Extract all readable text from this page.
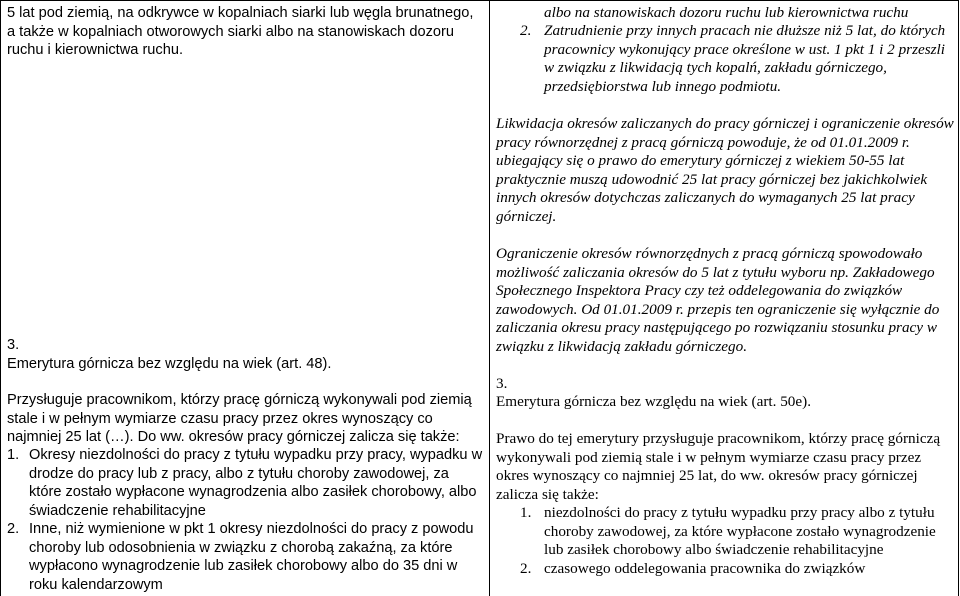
5 lat pod ziemią, na odkrywce w kopalniach siarki lub węgla brunatnego, a także w kopalniach otworowych siarki albo na stanowiskach dozoru ruchu i kierownictwa ruchu.

3.

Emerytura górnicza bez względu na wiek (art. 48).

Przysługuje pracownikom, którzy pracę górniczą wykonywali pod ziemią stale i w pełnym wymiarze czasu pracy przez okres wynoszący co najmniej 25 lat (…). Do ww. okresów pracy górniczej zalicza się także:

1. Okresy niezdolności do pracy z tytułu wypadku przy pracy, wypadku w drodze do pracy lub z pracy, albo z tytułu choroby zawodowej, za które zostało wypłacone wynagrodzenia albo zasiłek chorobowy, albo świadczenie rehabilitacyjne
2. Inne, niż wymienione w pkt 1 okresy niezdolności do pracy z powodu choroby lub odosobnienia w związku z chorobą zakaźną, za które wypłacono wynagrodzenie lub zasiłek chorobowy albo do 35 dni w roku kalendarzowym

albo na stanowiskach dozoru ruchu lub kierownictwa ruchu

2. Zatrudnienie przy innych pracach nie dłuższe niż 5 lat, do których pracownicy wykonujący prace określone w ust. 1 pkt 1 i 2 przeszli w związku z likwidacją tych kopalń, zakładu górniczego, przedsiębiorstwa lub innego podmiotu.

Likwidacja okresów zaliczanych do pracy górniczej i ograniczenie okresów pracy równorzędnej z pracą górniczą powoduje, że od 01.01.2009 r. ubiegający się o prawo do emerytury górniczej z wiekiem 50-55 lat praktycznie muszą udowodnić 25 lat pracy górniczej bez jakichkolwiek innych okresów dotychczas zaliczanych do wymaganych 25 lat pracy górniczej.

Ograniczenie okresów równorzędnych z pracą górniczą spowodowało możliwość zaliczania okresów do 5 lat z tytułu wyboru np. Zakładowego Społecznego Inspektora Pracy czy też oddelegowania do związków zawodowych. Od 01.01.2009 r. przepis ten ograniczenie się wyłącznie do zaliczania okresu pracy następującego po rozwiązaniu stosunku pracy w związku z likwidacją zakładu górniczego.

3.

Emerytura górnicza bez względu na wiek (art. 50e).

Prawo do tej emerytury przysługuje pracownikom, którzy pracę górniczą wykonywali pod ziemią stale i w pełnym wymiarze czasu pracy przez okres wynoszący co najmniej 25 lat, do ww. okresów pracy górniczej zalicza się także:

1. niezdolności do pracy z tytułu wypadku przy pracy albo z tytułu choroby zawodowej, za które wypłacone zostało wynagrodzenie lub zasiłek chorobowy albo świadczenie rehabilitacyjne
2. czasowego oddelegowania pracownika do związków
